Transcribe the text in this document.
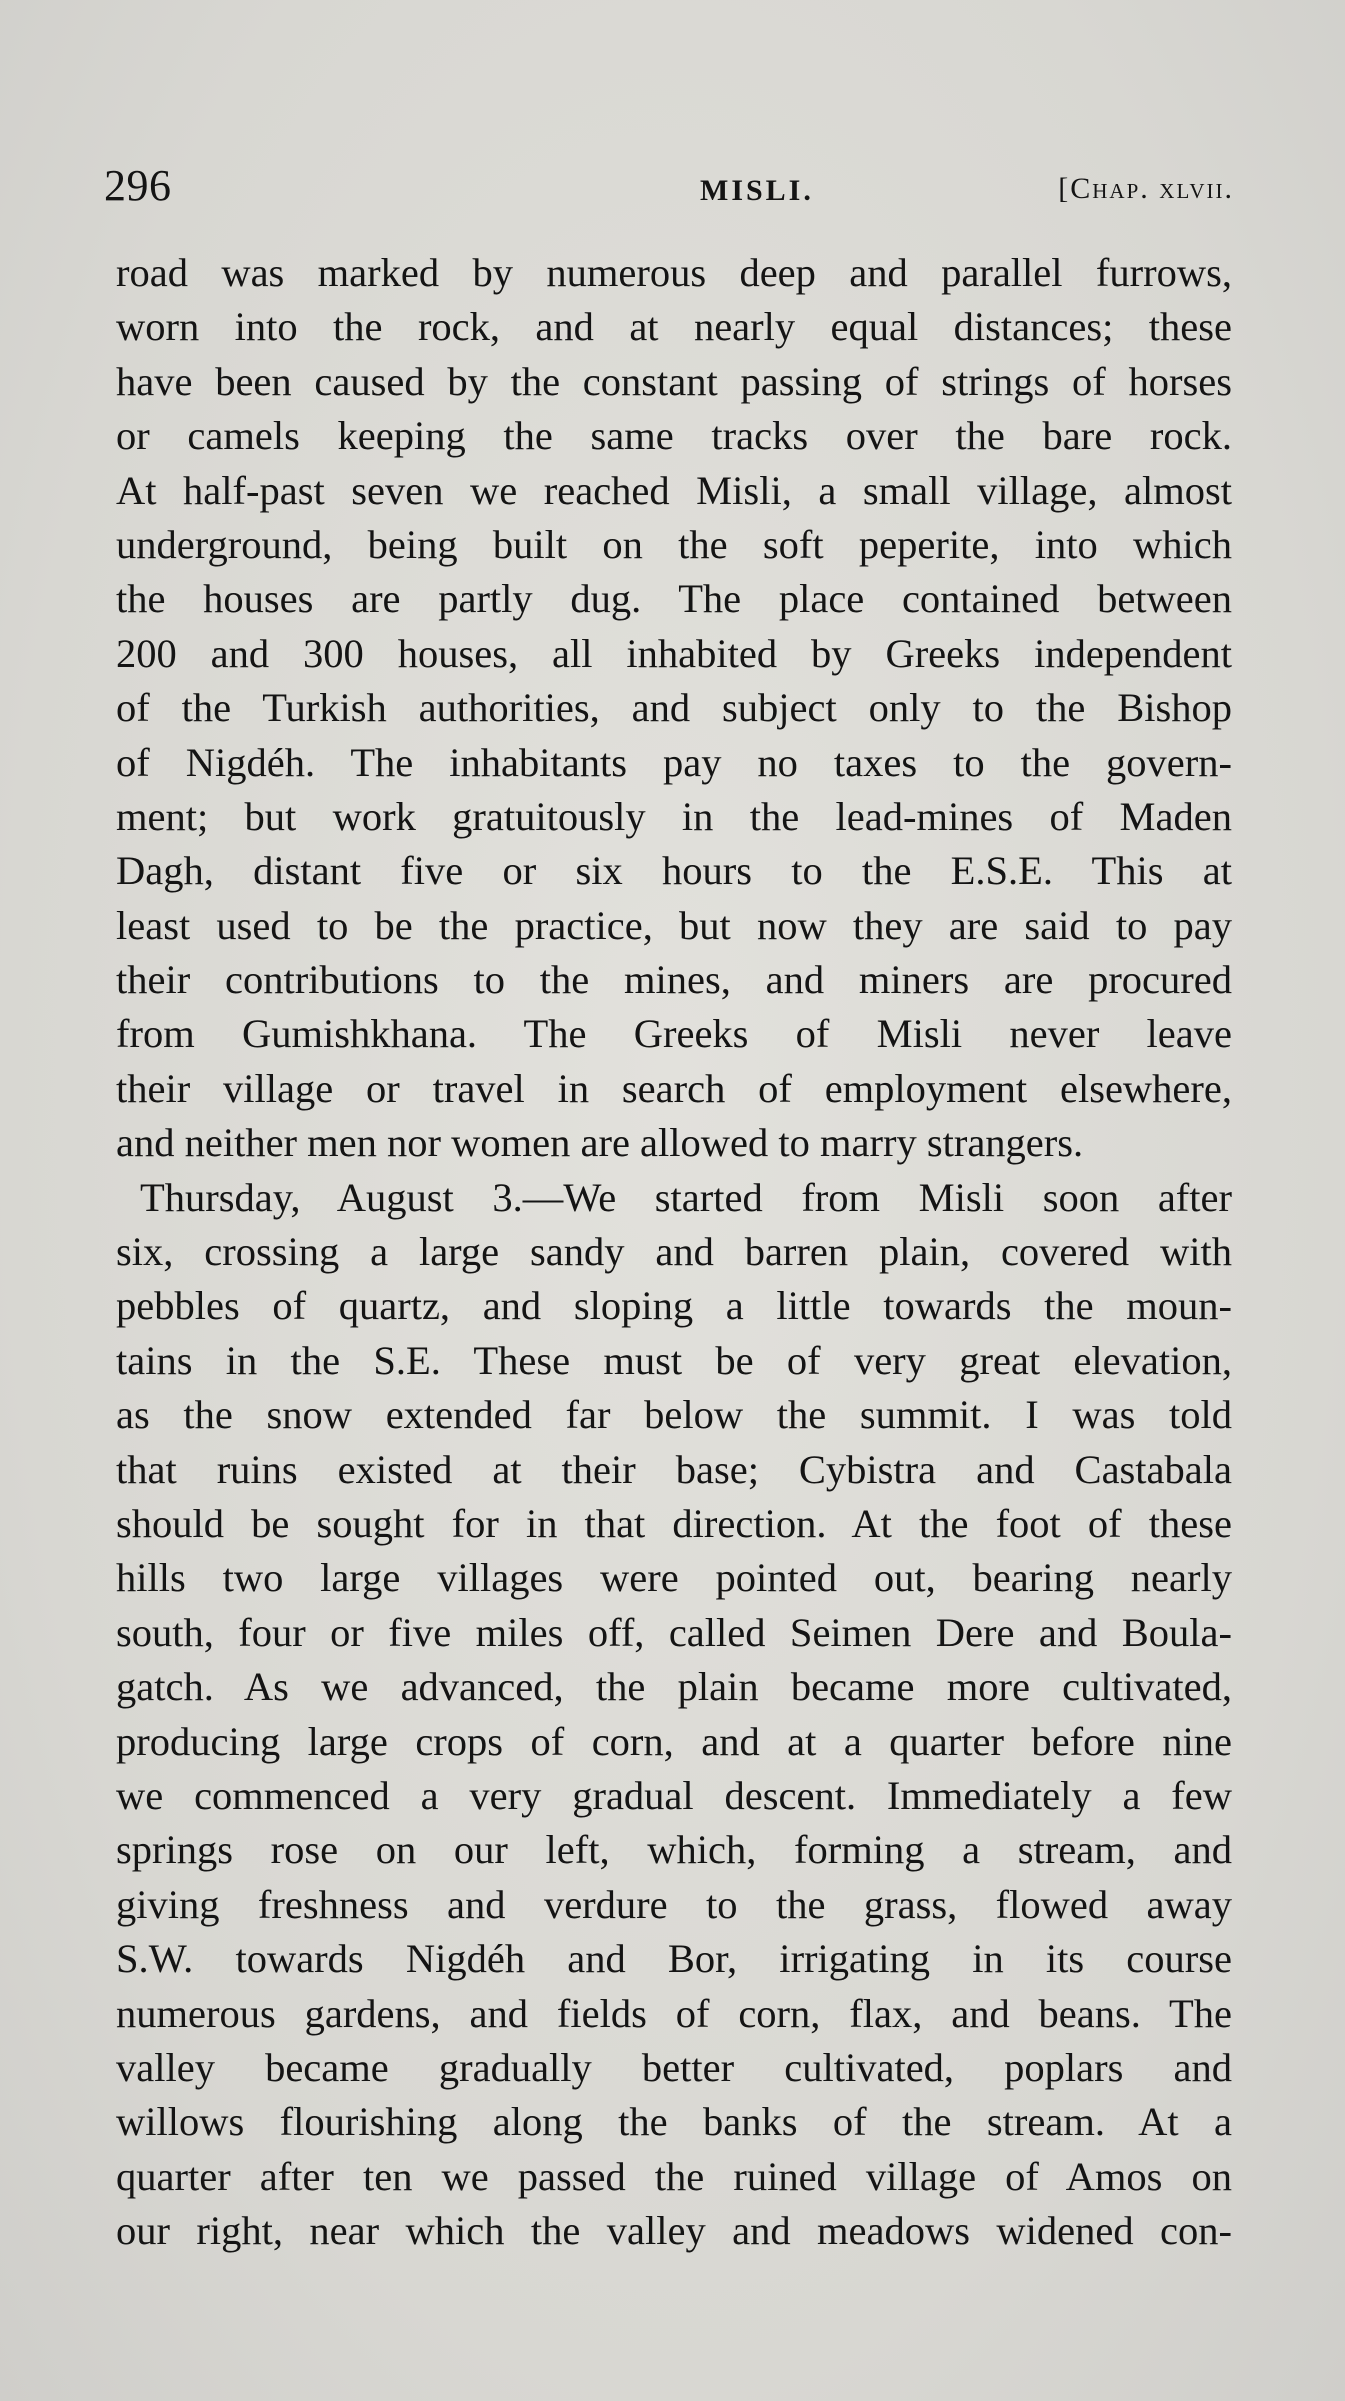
296	MISLI.	[Chap. xlvii.
road was marked by numerous deep and parallel furrows,
worn into the rock, and at nearly equal distances; these
have been caused by the constant passing of strings of horses
or camels keeping the same tracks over the bare rock.
At half-past seven we reached Misli, a small village, almost
underground, being built on the soft peperite, into which
the houses are partly dug. The place contained between
200 and 300 houses, all inhabited by Greeks independent
of the Turkish authorities, and subject only to the Bishop
of Nigdéh. The inhabitants pay no taxes to the govern-
ment; but work gratuitously in the lead-mines of Maden
Dagh, distant five or six hours to the E.S.E. This at
least used to be the practice, but now they are said to pay
their contributions to the mines, and miners are procured
from Gumishkhana. The Greeks of Misli never leave
their village or travel in search of employment elsewhere,
and neither men nor women are allowed to marry strangers.
Thursday, August 3.—We started from Misli soon after
six, crossing a large sandy and barren plain, covered with
pebbles of quartz, and sloping a little towards the moun-
tains in the S.E. These must be of very great elevation,
as the snow extended far below the summit. I was told
that ruins existed at their base; Cybistra and Castabala
should be sought for in that direction. At the foot of these
hills two large villages were pointed out, bearing nearly
south, four or five miles off, called Seimen Dere and Boula-
gatch. As we advanced, the plain became more cultivated,
producing large crops of corn, and at a quarter before nine
we commenced a very gradual descent. Immediately a few
springs rose on our left, which, forming a stream, and
giving freshness and verdure to the grass, flowed away
S.W. towards Nigdéh and Bor, irrigating in its course
numerous gardens, and fields of corn, flax, and beans. The
valley became gradually better cultivated, poplars and
willows flourishing along the banks of the stream. At a
quarter after ten we passed the ruined village of Amos on
our right, near which the valley and meadows widened con-
